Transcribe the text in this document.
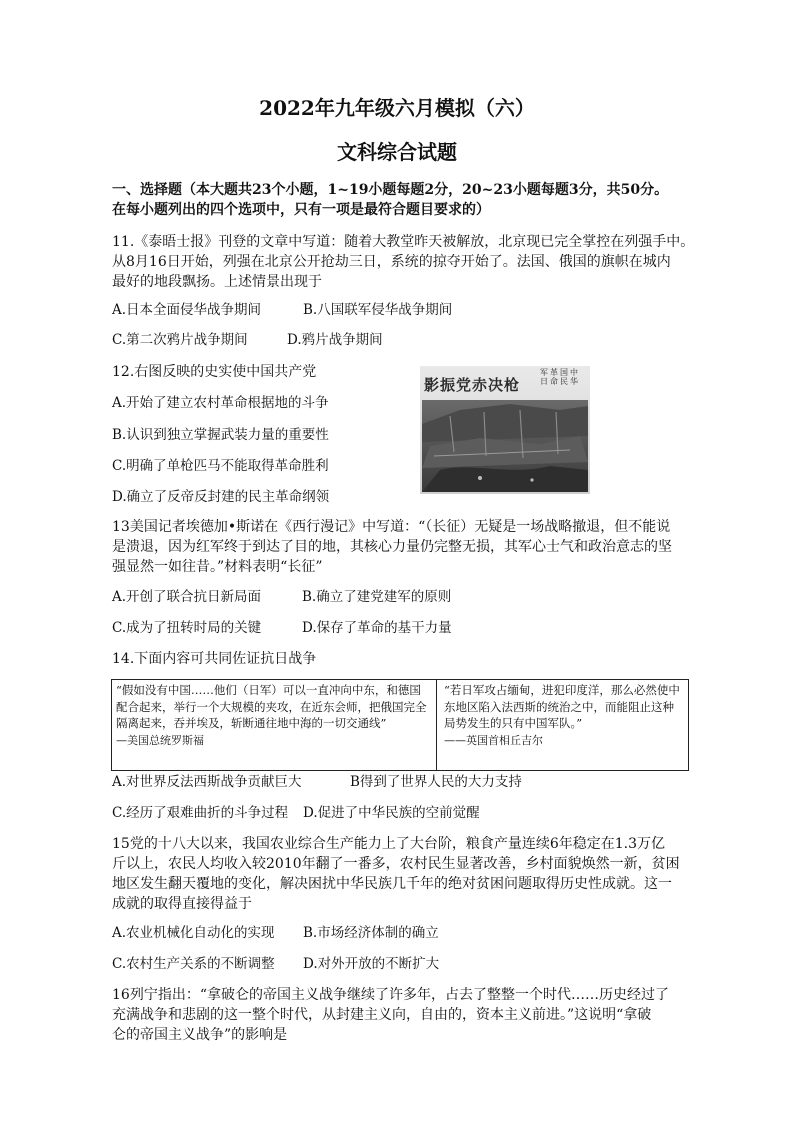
2022年九年级六月模拟（六）
文科综合试题
一、选择题（本大题共23个小题，1~19小题每题2分，20~23小题每题3分，共50分。
在每小题列出的四个选项中，只有一项是最符合题目要求的）
11.《泰晤士报》刊登的文章中写道：随着大教堂昨天被解放，北京现已完全掌控在列强手中。
从8月16日开始，列强在北京公开抢劫三日，系统的掠夺开始了。法国、俄国的旗帜在城内
最好的地段飘扬。上述情景出现于
A.日本全面侵华战争期间	B.八国联军侵华战争期间
C.第二次鸦片战争期间	D.鸦片战争期间
12.右图反映的史实使中国共产党
A.开始了建立农村革命根据地的斗争
B.认识到独立掌握武装力量的重要性
C.明确了单枪匹马不能取得革命胜利
D.确立了反帝反封建的民主革命纲领
影振党赤决枪
中华
国民
革命
军日
13美国记者埃德加•斯诺在《西行漫记》中写道：“（长征）无疑是一场战略撤退，但不能说
是溃退，因为红军终于到达了目的地，其核心力量仍完整无损，其军心士气和政治意志的坚
强显然一如往昔。”材料表明“长征”
A.开创了联合抗日新局面	B.确立了建党建军的原则
C.成为了扭转时局的关键	D.保存了革命的基干力量
14.下面内容可共同佐证抗日战争
“假如没有中国……他们（日军）可以一直冲向中东，和德国配合起来，举行一个大规模的夹攻，在近东会师，把俄国完全隔离起来，吞并埃及，斩断通往地中海的一切交通线”
—美国总统罗斯福
“若日军攻占缅甸，进犯印度洋，那么必然使中东地区陷入法西斯的统治之中，而能阻止这种局势发生的只有中国军队。”
——英国首相丘吉尔
A.对世界反法西斯战争贡献巨大	B得到了世界人民的大力支持
C.经历了艰难曲折的斗争过程 D.促进了中华民族的空前觉醒
15党的十八大以来，我国农业综合生产能力上了大台阶，粮食产量连续6年稳定在1.3万亿
斤以上，农民人均收入较2010年翻了一番多，农村民生显著改善，乡村面貌焕然一新，贫困
地区发生翻天覆地的变化，解决困扰中华民族几千年的绝对贫困问题取得历史性成就。这一
成就的取得直接得益于
A.农业机械化自动化的实现 B.市场经济体制的确立
C.农村生产关系的不断调整 D.对外开放的不断扩大
16列宁指出：“拿破仑的帝国主义战争继续了许多年，占去了整整一个时代……历史经过了
充满战争和悲剧的这一整个时代，从封建主义向，自由的，资本主义前进。”这说明“拿破
仑的帝国主义战争”的影响是
